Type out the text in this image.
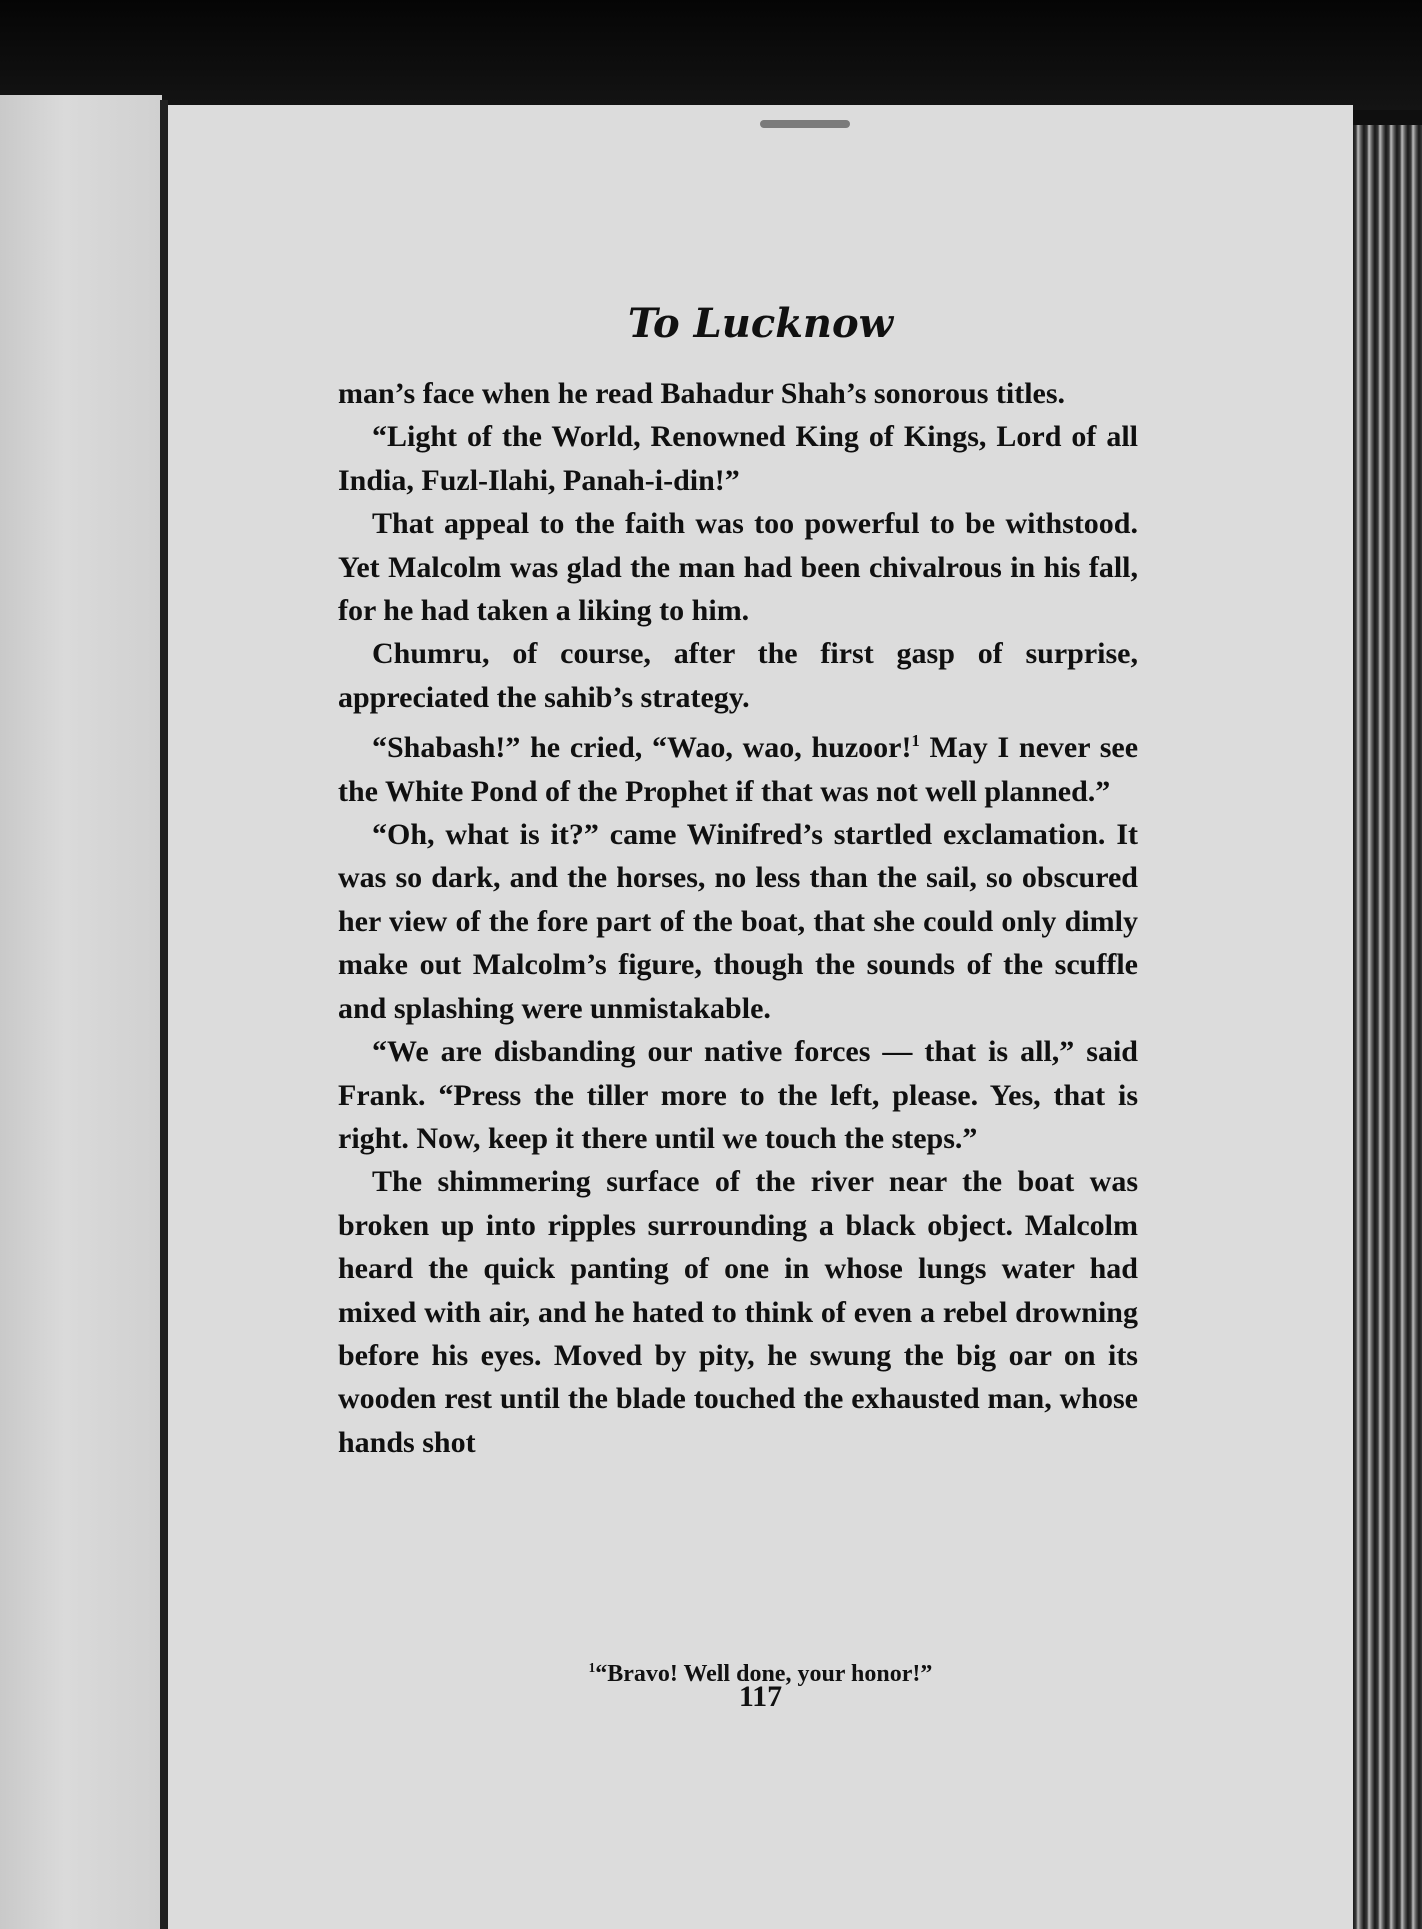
To Lucknow

man’s face when he read Bahadur Shah’s sonorous titles.

“Light of the World, Renowned King of Kings, Lord of all India, Fuzl-Ilahi, Panah-i-din!”

That appeal to the faith was too powerful to be withstood. Yet Malcolm was glad the man had been chivalrous in his fall, for he had taken a liking to him.

Chumru, of course, after the first gasp of surprise, appreciated the sahib’s strategy.

“Shabash!” he cried, “Wao, wao, huzoor!$^1$ May I never see the White Pond of the Prophet if that was not well planned.”

“Oh, what is it?” came Winifred’s startled exclamation. It was so dark, and the horses, no less than the sail, so obscured her view of the fore part of the boat, that she could only dimly make out Malcolm’s figure, though the sounds of the scuffle and splashing were unmistakable.

“We are disbanding our native forces — that is all,” said Frank. “Press the tiller more to the left, please. Yes, that is right. Now, keep it there until we touch the steps.”

The shimmering surface of the river near the boat was broken up into ripples surrounding a black object. Malcolm heard the quick panting of one in whose lungs water had mixed with air, and he hated to think of even a rebel drowning before his eyes. Moved by pity, he swung the big oar on its wooden rest until the blade touched the exhausted man, whose hands shot

$^1$“Bravo! Well done, your honor!”
117
